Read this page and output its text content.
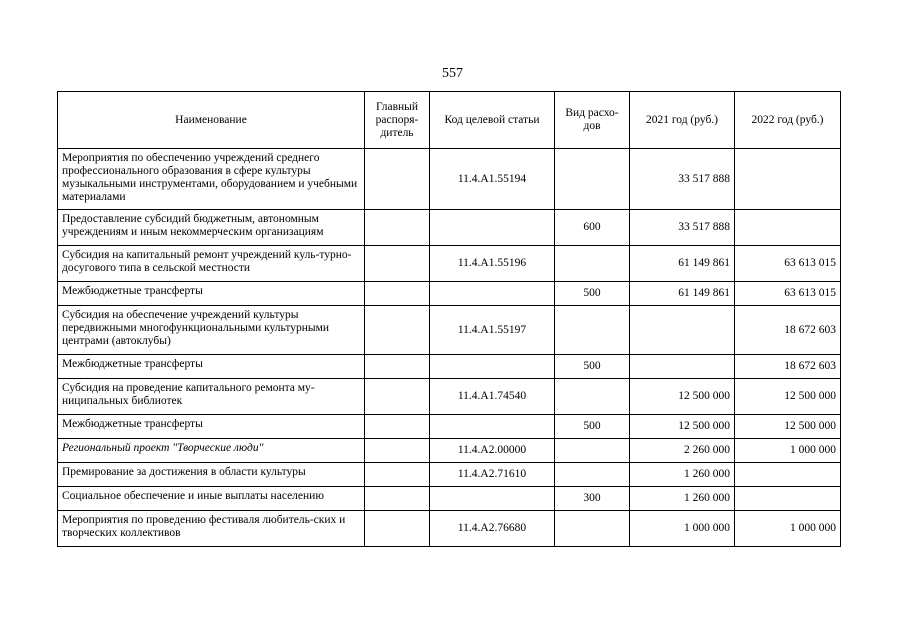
557
Наименование	Главный распоря-дитель	Код целевой статьи	Вид расхо-дов	2021 год (руб.)	2022 год (руб.)
Мероприятия по обеспечению учреждений среднего профессионального образования в сфере культуры музыкальными инструментами, оборудованием и учебными материалами		11.4.A1.55194		33 517 888	
Предоставление субсидий бюджетным, автономным учреждениям и иным некоммерческим организациям			600	33 517 888	
Субсидия на капитальный ремонт учреждений куль-турно-досугового типа в сельской местности		11.4.A1.55196		61 149 861	63 613 015
Межбюджетные трансферты			500	61 149 861	63 613 015
Субсидия на обеспечение учреждений культуры передвижными многофункциональными культурными центрами (автоклубы)		11.4.A1.55197			18 672 603
Межбюджетные трансферты			500		18 672 603
Субсидия на проведение капитального ремонта му-ниципальных библиотек		11.4.A1.74540		12 500 000	12 500 000
Межбюджетные трансферты			500	12 500 000	12 500 000
Региональный проект "Творческие люди"		11.4.A2.00000		2 260 000	1 000 000
Премирование за достижения в области культуры		11.4.A2.71610		1 260 000	
Социальное обеспечение и иные выплаты населению			300	1 260 000	
Мероприятия по проведению фестиваля любитель-ских и творческих коллективов		11.4.A2.76680		1 000 000	1 000 000
